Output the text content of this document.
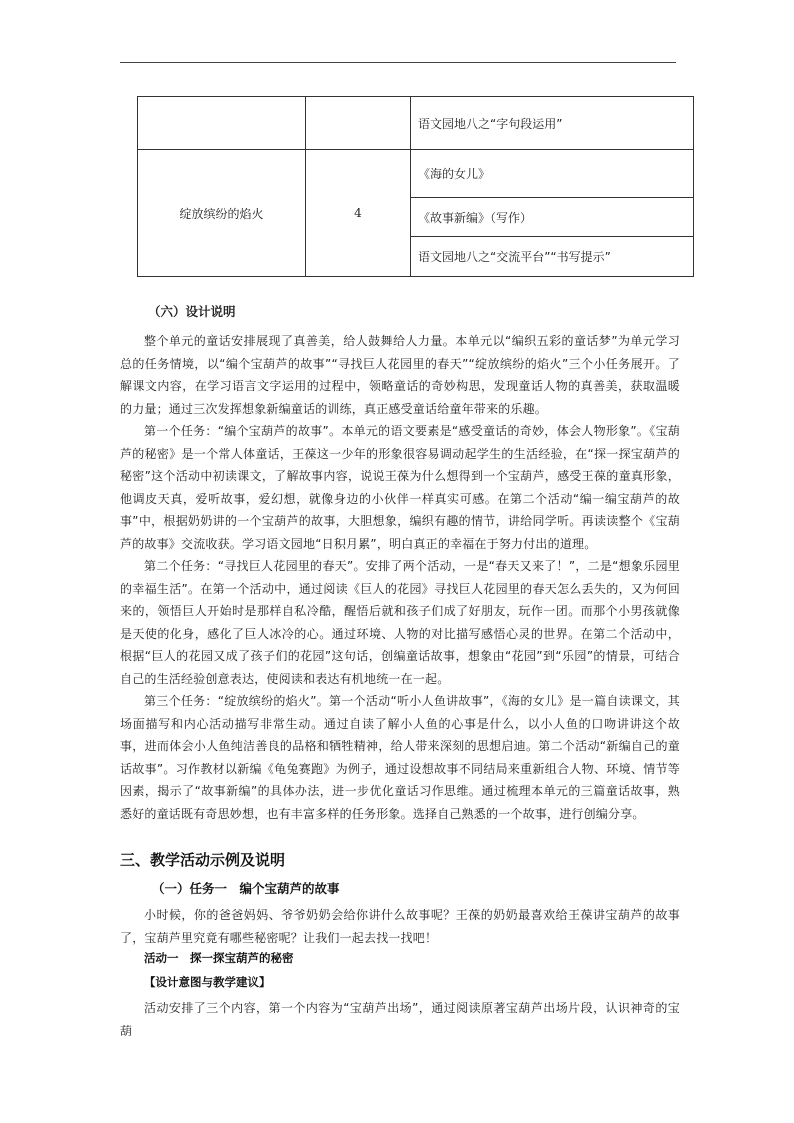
		语文园地八之“字句段运用”
绽放缤纷的焰火	4	《海的女儿》
		《故事新编》（写作）
		语文园地八之“交流平台”“书写提示”
（六）设计说明

整个单元的童话安排展现了真善美，给人鼓舞给人力量。本单元以“编织五彩的童话梦”为单元学习总的任务情境，以“编个宝葫芦的故事”“寻找巨人花园里的春天”“绽放缤纷的焰火”三个小任务展开。了解课文内容，在学习语言文字运用的过程中，领略童话的奇妙构思，发现童话人物的真善美，获取温暖的力量；通过三次发挥想象新编童话的训练，真正感受童话给童年带来的乐趣。

第一个任务：“编个宝葫芦的故事”。本单元的语文要素是“感受童话的奇妙，体会人物形象”。《宝葫芦的秘密》是一个常人体童话，王葆这一少年的形象很容易调动起学生的生活经验，在“探一探宝葫芦的秘密”这个活动中初读课文，了解故事内容，说说王葆为什么想得到一个宝葫芦，感受王葆的童真形象，他调皮天真，爱听故事，爱幻想，就像身边的小伙伴一样真实可感。在第二个活动“编一编宝葫芦的故事”中，根据奶奶讲的一个宝葫芦的故事，大胆想象，编织有趣的情节，讲给同学听。再读读整个《宝葫芦的故事》交流收获。学习语文园地“日积月累”，明白真正的幸福在于努力付出的道理。

第二个任务：“寻找巨人花园里的春天”。安排了两个活动，一是“春天又来了！”，二是“想象乐园里的幸福生活”。在第一个活动中，通过阅读《巨人的花园》寻找巨人花园里的春天怎么丢失的，又为何回来的，领悟巨人开始时是那样自私冷酷，醒悟后就和孩子们成了好朋友，玩作一团。而那个小男孩就像是天使的化身，感化了巨人冰冷的心。通过环境、人物的对比描写感悟心灵的世界。在第二个活动中，根据“巨人的花园又成了孩子们的花园”这句话，创编童话故事，想象由“花园”到“乐园”的情景，可结合自己的生活经验创意表达，使阅读和表达有机地统一在一起。

第三个任务：“绽放缤纷的焰火”。第一个活动“听小人鱼讲故事”，《海的女儿》是一篇自读课文，其场面描写和内心活动描写非常生动。通过自读了解小人鱼的心事是什么，以小人鱼的口吻讲讲这个故事，进而体会小人鱼纯洁善良的品格和牺牲精神，给人带来深刻的思想启迪。第二个活动“新编自己的童话故事”。习作教材以新编《龟兔赛跑》为例子，通过设想故事不同结局来重新组合人物、环境、情节等因素，揭示了“故事新编”的具体办法，进一步优化童话习作思维。通过梳理本单元的三篇童话故事，熟悉好的童话既有奇思妙想，也有丰富多样的任务形象。选择自己熟悉的一个故事，进行创编分享。

三、教学活动示例及说明
（一）任务一　编个宝葫芦的故事

小时候，你的爸爸妈妈、爷爷奶奶会给你讲什么故事呢？王葆的奶奶最喜欢给王葆讲宝葫芦的故事了，宝葫芦里究竟有哪些秘密呢？让我们一起去找一找吧！

活动一　探一探宝葫芦的秘密
【设计意图与教学建议】

活动安排了三个内容，第一个内容为“宝葫芦出场”，通过阅读原著宝葫芦出场片段，认识神奇的宝葫
